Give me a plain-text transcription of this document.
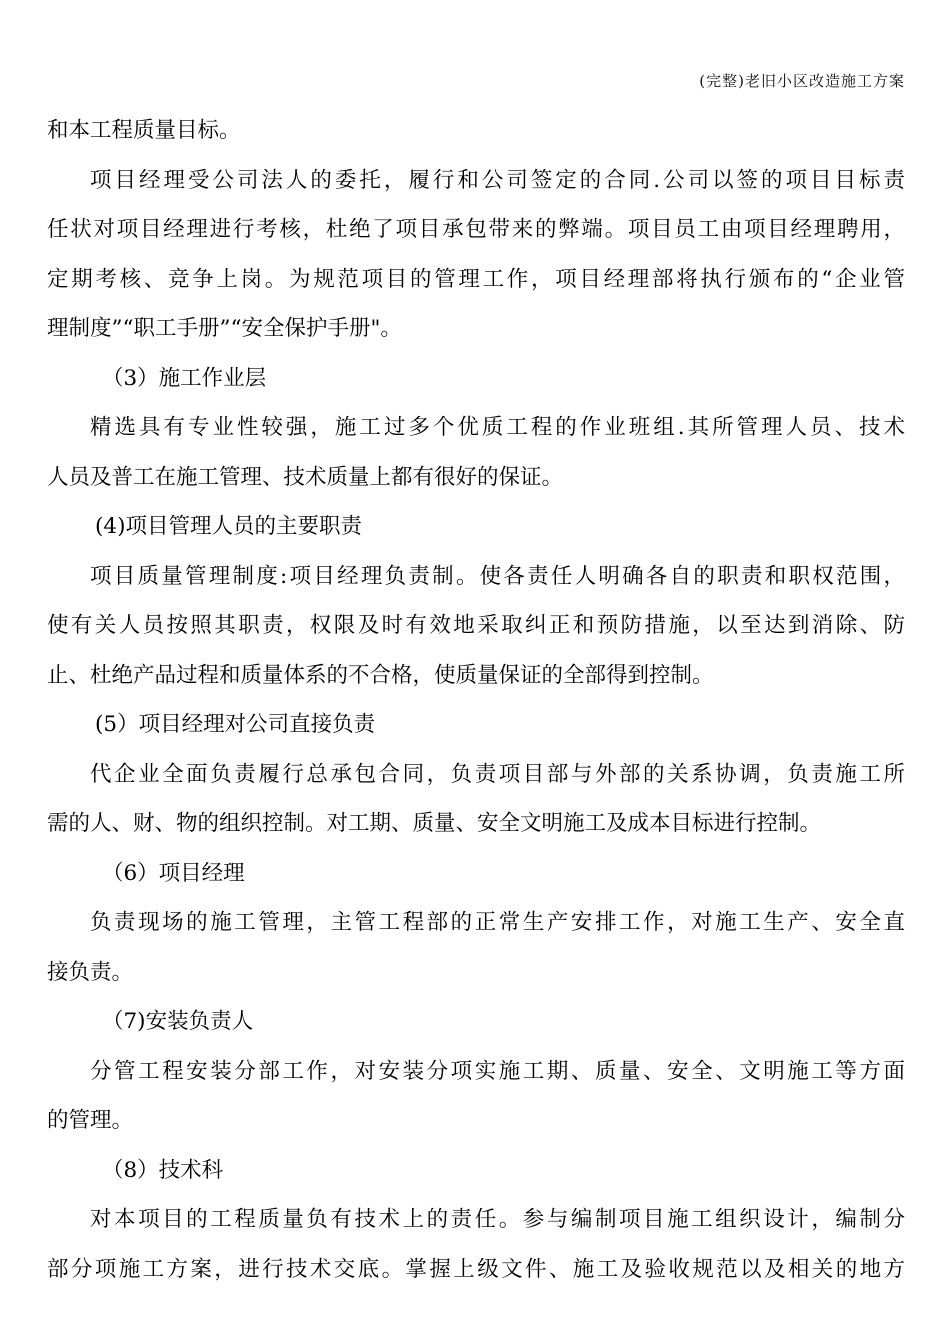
(完整)老旧小区改造施工方案
和本工程质量目标。
项目经理受公司法人的委托，履行和公司签定的合同.公司以签的项目目标责
任状对项目经理进行考核，杜绝了项目承包带来的弊端。项目员工由项目经理聘用，
定期考核、竞争上岗。为规范项目的管理工作，项目经理部将执行颁布的“企业管
理制度”“职工手册”“安全保护手册"。
（3）施工作业层
精选具有专业性较强，施工过多个优质工程的作业班组.其所管理人员、技术
人员及普工在施工管理、技术质量上都有很好的保证。
(4)项目管理人员的主要职责
项目质量管理制度:项目经理负责制。使各责任人明确各自的职责和职权范围，
使有关人员按照其职责，权限及时有效地采取纠正和预防措施，以至达到消除、防
止、杜绝产品过程和质量体系的不合格，使质量保证的全部得到控制。
(5）项目经理对公司直接负责
代企业全面负责履行总承包合同，负责项目部与外部的关系协调，负责施工所
需的人、财、物的组织控制。对工期、质量、安全文明施工及成本目标进行控制。
（6）项目经理
负责现场的施工管理，主管工程部的正常生产安排工作，对施工生产、安全直
接负责。
（7)安装负责人
分管工程安装分部工作，对安装分项实施工期、质量、安全、文明施工等方面
的管理。
（8）技术科
对本项目的工程质量负有技术上的责任。参与编制项目施工组织设计，编制分
部分项施工方案，进行技术交底。掌握上级文件、施工及验收规范以及相关的地方
